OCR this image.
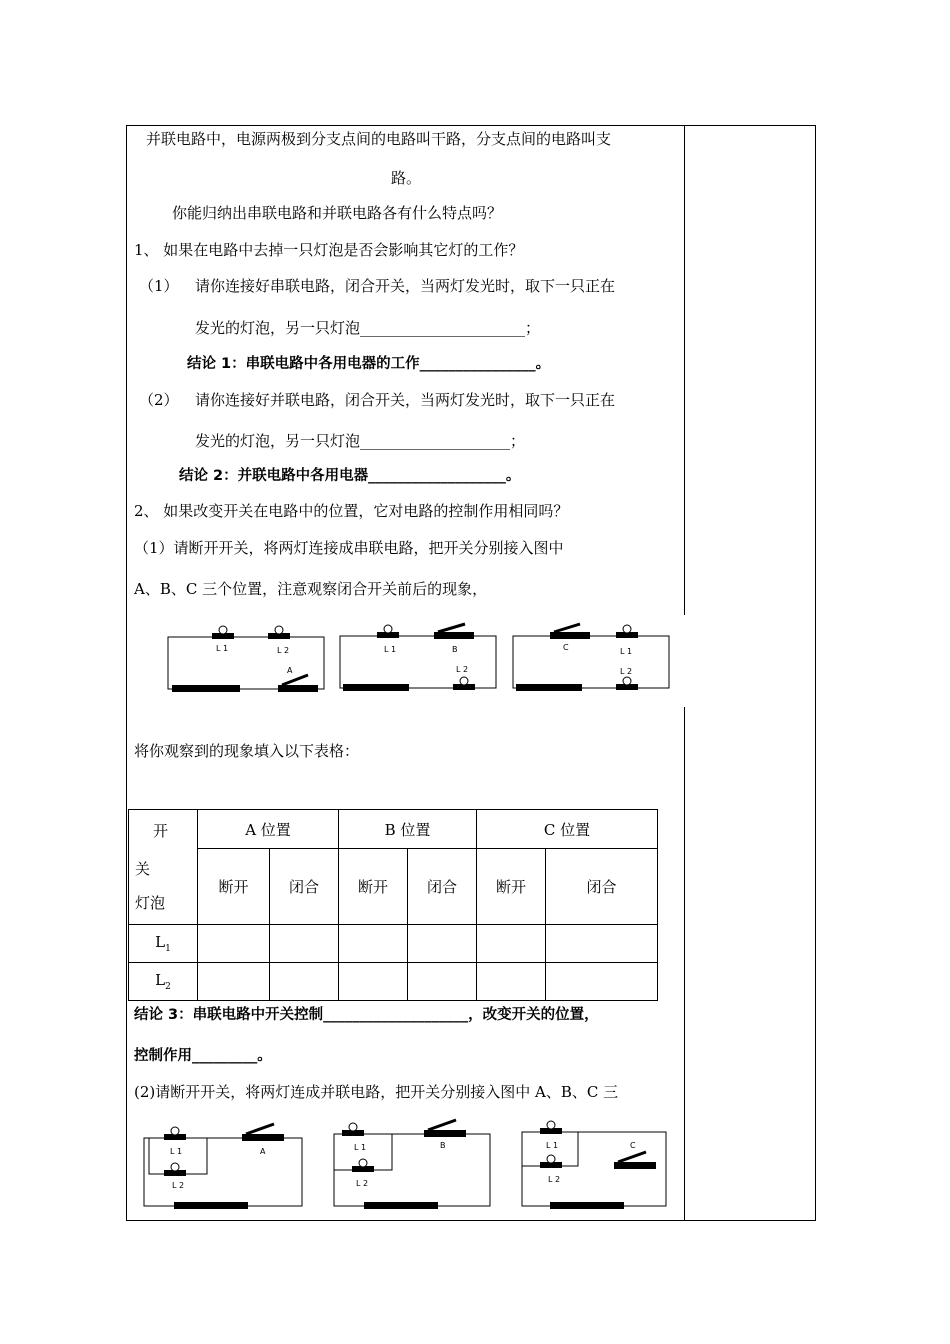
并联电路中，电源两极到分支点间的电路叫干路，分支点间的电路叫支
路。
你能归纳出串联电路和并联电路各有什么特点吗？
1、 如果在电路中去掉一只灯泡是否会影响其它灯的工作？
（1） 请你连接好串联电路，闭合开关，当两灯发光时，取下一只正在
发光的灯泡，另一只灯泡______________________；
结论 1：串联电路中各用电器的工作________________。
（2） 请你连接好并联电路，闭合开关，当两灯发光时，取下一只正在
发光的灯泡，另一只灯泡____________________；
结论 2：并联电路中各用电器___________________。
2、 如果改变开关在电路中的位置，它对电路的控制作用相同吗？
（1）请断开开关，将两灯连接成串联电路，把开关分别接入图中
A、B、C 三个位置，注意观察闭合开关前后的现象，
L 1	L 2
A
L 1	B
L 2
C	L 1
L 2
将你观察到的现象填入以下表格：
开
关
灯泡	A 位置		B 位置		C 位置	
	断开	闭合	断开	闭合	断开	闭合
$L_1$						
$L_2$						
结论 3：串联电路中开关控制____________________，改变开关的位置，
控制作用_________。
(2)请断开开关，将两灯连成并联电路，把开关分别接入图中 A、B、C 三
L 1
L 2
A	L 1
L 2
B	L 1
L 2
C
